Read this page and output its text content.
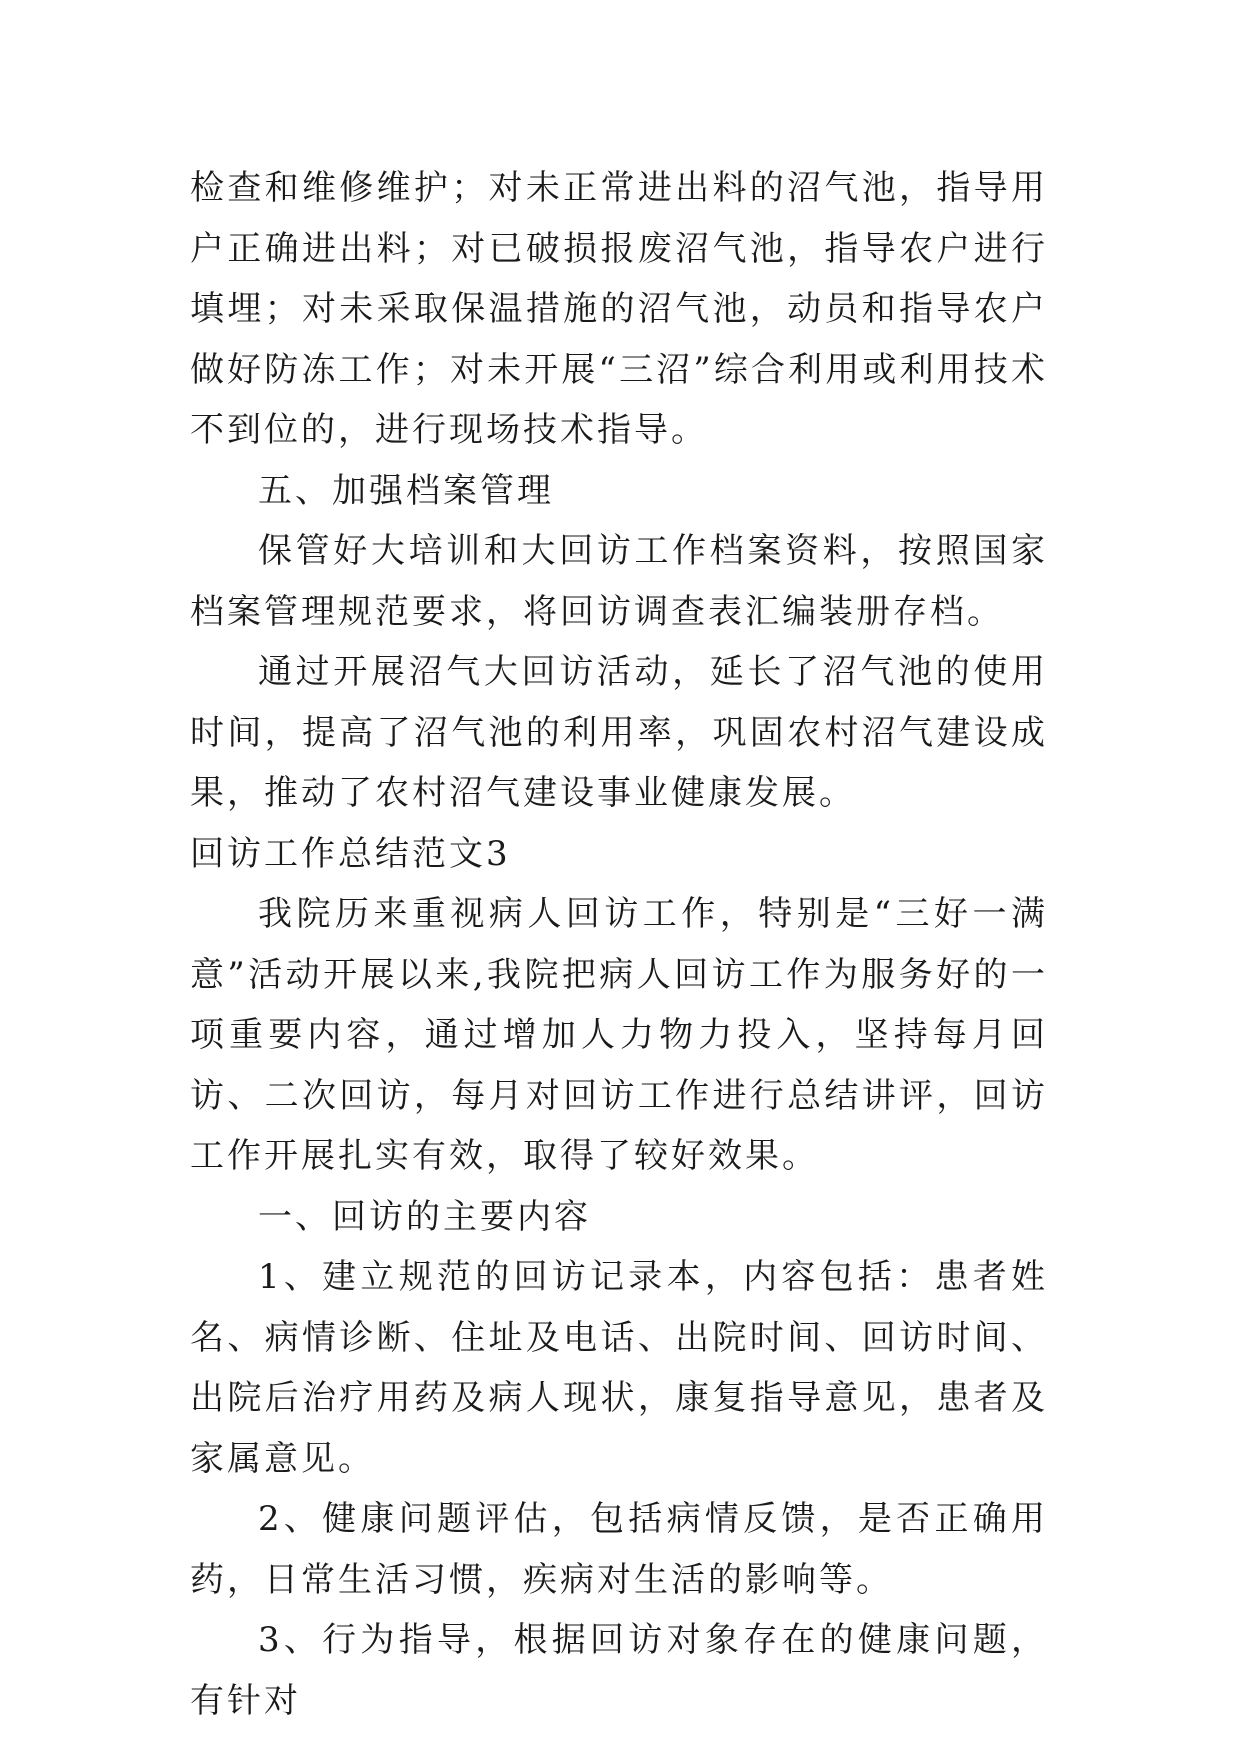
检查和维修维护；对未正常进出料的沼气池，指导用户正确进出料；对已破损报废沼气池，指导农户进行填埋；对未采取保温措施的沼气池，动员和指导农户做好防冻工作；对未开展“三沼”综合利用或利用技术不到位的，进行现场技术指导。

五、加强档案管理

保管好大培训和大回访工作档案资料，按照国家档案管理规范要求，将回访调查表汇编装册存档。

通过开展沼气大回访活动，延长了沼气池的使用时间，提高了沼气池的利用率，巩固农村沼气建设成果，推动了农村沼气建设事业健康发展。

回访工作总结范文3

我院历来重视病人回访工作，特别是“三好一满意”活动开展以来,我院把病人回访工作为服务好的一项重要内容，通过增加人力物力投入，坚持每月回访、二次回访，每月对回访工作进行总结讲评，回访工作开展扎实有效，取得了较好效果。

一、回访的主要内容

1、建立规范的回访记录本，内容包括：患者姓名、病情诊断、住址及电话、出院时间、回访时间、出院后治疗用药及病人现状，康复指导意见，患者及家属意见。

2、健康问题评估，包括病情反馈，是否正确用药，日常生活习惯，疾病对生活的影响等。

3、行为指导，根据回访对象存在的健康问题，有针对
